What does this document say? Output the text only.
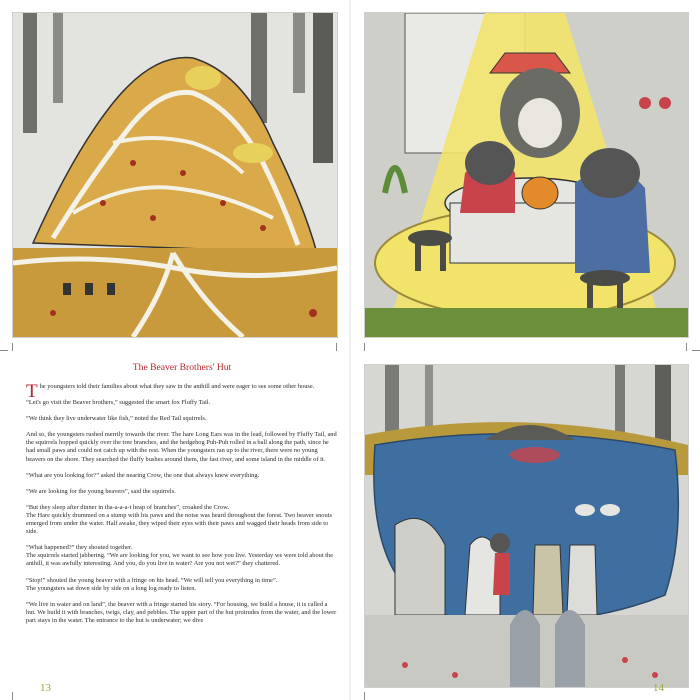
The Beaver Brothers' Hut

The youngsters told their families about what they saw in the anthill and were eager to see some other house.

“Let's go visit the Beaver brothers,” suggested the smart fox Fluffy Tail.

“We think they live underwater like fish,” noted the Red Tail squirrels.

And so, the youngsters rushed merrily towards the river. The hare Long Ears was in the lead, followed by Fluffy Tail, and the squirrels hopped quickly over the tree branches, and the hedgehog Puh-Puh rolled in a ball along the path, since he had small paws and could not catch up with the rest. When the youngsters ran up to the river, there were no young beavers on the shore. They searched the fluffy bushes around them, the fast river, and some island in the middle of it.

“What are you looking for?” asked the nearing Crow, the one that always knew everything.

“We are looking for the young beavers”, said the squirrels.

“But they sleep after dinner in tha-a-a-a-t heap of branches”, croaked the Crow.
The Hare quickly drummed on a stump with his paws and the noise was heard throughout the forest. Two beaver snouts emerged from under the water. Half awake, they wiped their eyes with their paws and wagged their heads from side to side.

“What happened?” they shouted together.
The squirrels started jabbering. “We are looking for you, we want to see how you live. Yesterday we were told about the anthill, it was awfully interesting. And you, do you live in water? Are you not wet?” they chattered.

“Stop!” shouted the young beaver with a fringe on his head. “We will tell you everything in time”.
The youngsters sat down side by side on a long log ready to listen.

“We live in water and on land”, the beaver with a fringe started his story. “For housing, we build a house, it is called a hut. We build it with branches, twigs, clay, and pebbles. The upper part of the hut protrudes from the water, and the lower part stays in the water. The entrance to the hut is underwater; we dive

13	14
